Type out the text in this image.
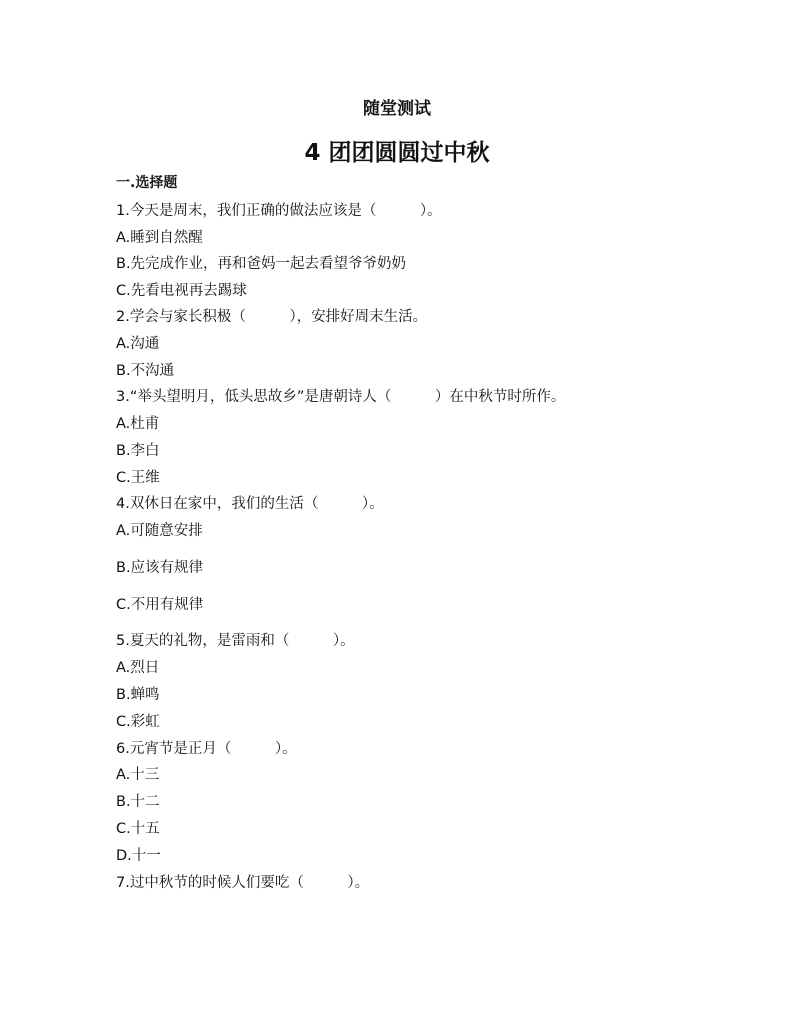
随堂测试
4 团团圆圆过中秋
一.选择题
1.今天是周末，我们正确的做法应该是（　　　）。
A.睡到自然醒
B.先完成作业，再和爸妈一起去看望爷爷奶奶
C.先看电视再去踢球
2.学会与家长积极（　　　），安排好周末生活。
A.沟通
B.不沟通
3.“举头望明月，低头思故乡”是唐朝诗人（　　　）在中秋节时所作。
A.杜甫
B.李白
C.王维
4.双休日在家中，我们的生活（　　　）。
A.可随意安排
B.应该有规律
C.不用有规律
5.夏天的礼物，是雷雨和（　　　）。
A.烈日
B.蝉鸣
C.彩虹
6.元宵节是正月（　　　）。
A.十三
B.十二
C.十五
D.十一
7.过中秋节的时候人们要吃（　　　）。
